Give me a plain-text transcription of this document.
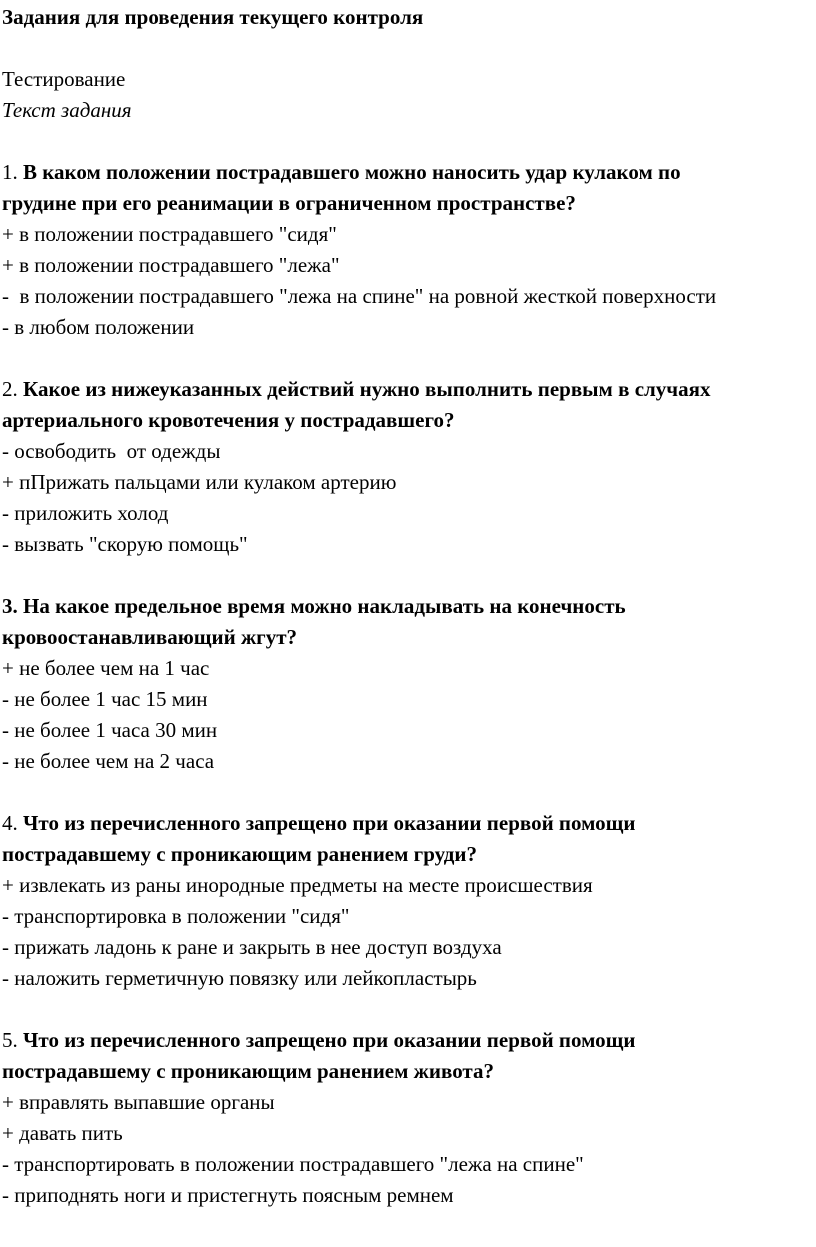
Задания для проведения текущего контроля

Тестирование

Текст задания

1. В каком положении пострадавшего можно наносить удар кулаком по

грудине при его реанимации в ограниченном пространстве?

+ в положении пострадавшего "сидя"

+ в положении пострадавшего "лежа"

-  в положении пострадавшего "лежа на спине" на ровной жесткой поверхности

- в любом положении

2. Какое из нижеуказанных действий нужно выполнить первым в случаях

артериального кровотечения у пострадавшего?

- освободить  от одежды

+ пПрижать пальцами или кулаком артерию

- приложить холод

- вызвать "скорую помощь"

3. На какое предельное время можно накладывать на конечность

кровоостанавливающий жгут?

+ не более чем на 1 час

- не более 1 час 15 мин

- не более 1 часа 30 мин

- не более чем на 2 часа

4. Что из перечисленного запрещено при оказании первой помощи

пострадавшему с проникающим ранением груди?

+ извлекать из раны инородные предметы на месте происшествия

- транспортировка в положении "сидя"

- прижать ладонь к ране и закрыть в нее доступ воздуха

- наложить герметичную повязку или лейкопластырь

5. Что из перечисленного запрещено при оказании первой помощи

пострадавшему с проникающим ранением живота?

+ вправлять выпавшие органы

+ давать пить

- транспортировать в положении пострадавшего "лежа на спине"

- приподнять ноги и пристегнуть поясным ремнем
